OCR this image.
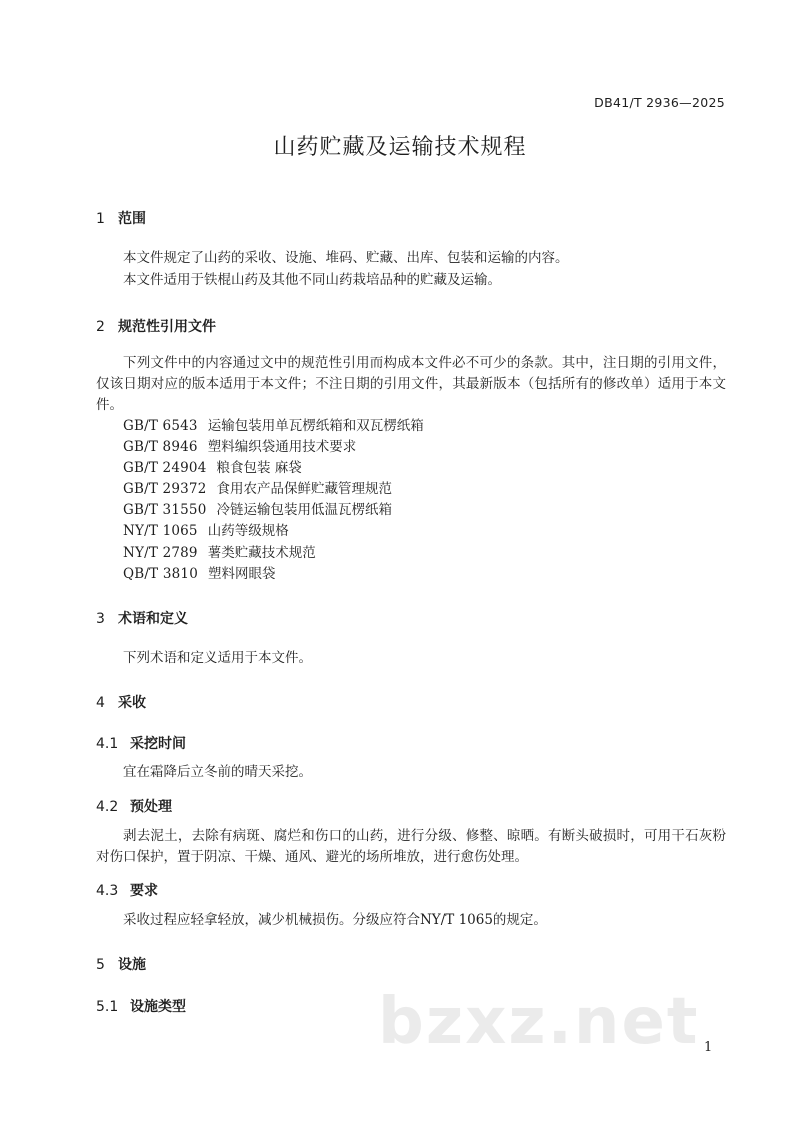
DB41/T 2936—2025
山药贮藏及运输技术规程
1 范围
本文件规定了山药的采收、设施、堆码、贮藏、出库、包装和运输的内容。
本文件适用于铁棍山药及其他不同山药栽培品种的贮藏及运输。
2 规范性引用文件
下列文件中的内容通过文中的规范性引用而构成本文件必不可少的条款。其中，注日期的引用文件，仅该日期对应的版本适用于本文件；不注日期的引用文件，其最新版本（包括所有的修改单）适用于本文件。
GB/T 6543 运输包装用单瓦楞纸箱和双瓦楞纸箱
GB/T 8946 塑料编织袋通用技术要求
GB/T 24904 粮食包装 麻袋
GB/T 29372 食用农产品保鲜贮藏管理规范
GB/T 31550 冷链运输包装用低温瓦楞纸箱
NY/T 1065 山药等级规格
NY/T 2789 薯类贮藏技术规范
QB/T 3810 塑料网眼袋
3 术语和定义
下列术语和定义适用于本文件。
4 采收
4.1 采挖时间
宜在霜降后立冬前的晴天采挖。
4.2 预处理
剥去泥土，去除有病斑、腐烂和伤口的山药，进行分级、修整、晾晒。有断头破损时，可用干石灰粉对伤口保护，置于阴凉、干燥、通风、避光的场所堆放，进行愈伤处理。
4.3 要求
采收过程应轻拿轻放，减少机械损伤。分级应符合NY/T 1065的规定。
5 设施
5.1 设施类型	bzxz.net 1
